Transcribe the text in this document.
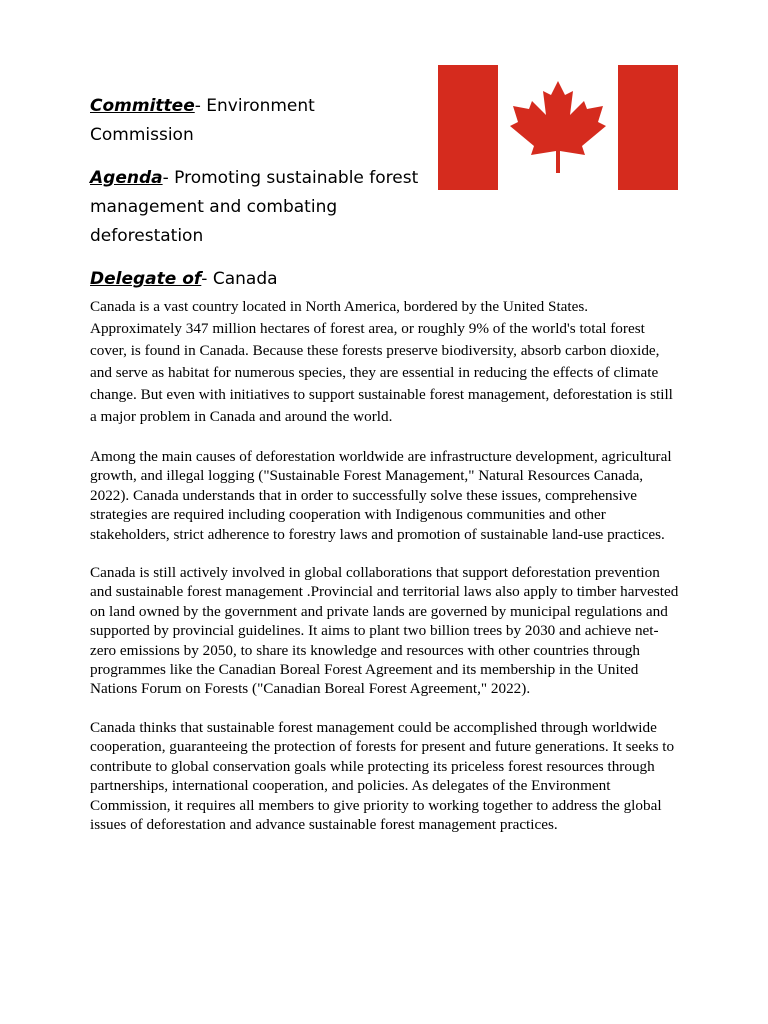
Committee- Environment Commission

Agenda- Promoting sustainable forest management and combating deforestation

Delegate of- Canada

Canada is a vast country located in North America, bordered by the United States. Approximately 347 million hectares of forest area, or roughly 9% of the world's total forest cover, is found in Canada. Because these forests preserve biodiversity, absorb carbon dioxide, and serve as habitat for numerous species, they are essential in reducing the effects of climate change. But even with initiatives to support sustainable forest management, deforestation is still a major problem in Canada and around the world.

Among the main causes of deforestation worldwide are infrastructure development, agricultural growth, and illegal logging ("Sustainable Forest Management," Natural Resources Canada, 2022). Canada understands that in order to successfully solve these issues, comprehensive strategies are required including cooperation with Indigenous communities and other stakeholders, strict adherence to forestry laws and promotion of sustainable land-use practices.

Canada is still actively involved in global collaborations that support deforestation prevention and sustainable forest management .Provincial and territorial laws also apply to timber harvested on land owned by the government and private lands are governed by municipal regulations and supported by provincial guidelines. It aims to plant two billion trees by 2030 and achieve net-zero emissions by 2050, to share its knowledge and resources with other countries through programmes like the Canadian Boreal Forest Agreement and its membership in the United Nations Forum on Forests ("Canadian Boreal Forest Agreement," 2022).

Canada thinks that sustainable forest management could be accomplished through worldwide cooperation, guaranteeing the protection of forests for present and future generations. It seeks to contribute to global conservation goals while protecting its priceless forest resources through partnerships, international cooperation, and policies. As delegates of the Environment Commission, it requires all members to give priority to working together to address the global issues of deforestation and advance sustainable forest management practices.
